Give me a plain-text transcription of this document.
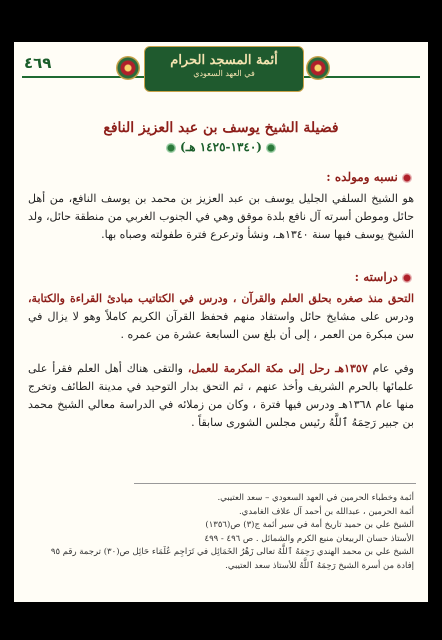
٤٦٩	أئمة المسجد الحرام
في العهد السعودي
فضيلة الشيخ يوسف بن عبد العزيز النافع
(١٣٤٠-١٤٢٥ هـ)
نسبه ومولده :
هو الشيخ السلفي الجليل يوسف بن عبد العزيز بن محمد بن يوسف النافع، من أهل حائل وموطن أسرته آل نافع بلدة موقق وهي في الجنوب الغربي من منطقة حائل، ولد الشيخ يوسف فيها سنة ١٣٤٠هـ، ونشأ وترعرع فترة طفولته وصباه بها.
دراسته :
التحق منذ صغره بحلق العلم والقرآن ، ودرس في الكتاتيب مبادئ القراءة والكتابة، ودرس على مشايخ حائل واستفاد منهم فحفظ القرآن الكريم كاملاً وهو لا يزال في سن مبكرة من العمر ، إلى أن بلغ سن السابعة عشرة من عمره .
وفي عام ١٣٥٧هـ رحل إلى مكة المكرمة للعمل، والتقى هناك أهل العلم فقرأ على علمائها بالحرم الشريف وأخذ عنهم ، ثم التحق بدار التوحيد في مدينة الطائف وتخرج منها عام ١٣٦٨هـ ودرس فيها فترة ، وكان من زملائه في الدراسة معالي الشيخ محمد بن جبير رَحِمَهُ ٱللَّهُ رئيس مجلس الشورى سابقاً .
أئمة وخطباء الحرمين في العهد السعودي – سعد العتيبي.
أئمة الحرمين ، عبدالله بن أحمد آل علاف الغامدي.
الشيخ علي بن حميد تاريخ أمة في سير أئمة ج(٣) ص(١٣٥٦)
الأستاذ حسان الربيعان منبع الكرم والشمائل . ص ٤٩٦ - ٤٩٩
الشيخ علي بن محمد الهندي رَحِمَهُ ٱللَّهُ تعالى زَهْرُ الخَمَائِل في تَرَاجِم عُلَمَاء حَائِل ص(٣٠) ترجمة رقم ٩٥
إفادة من أسرة الشيخ رَحِمَهُ ٱللَّهُ للأستاذ سعد العتيبي.
